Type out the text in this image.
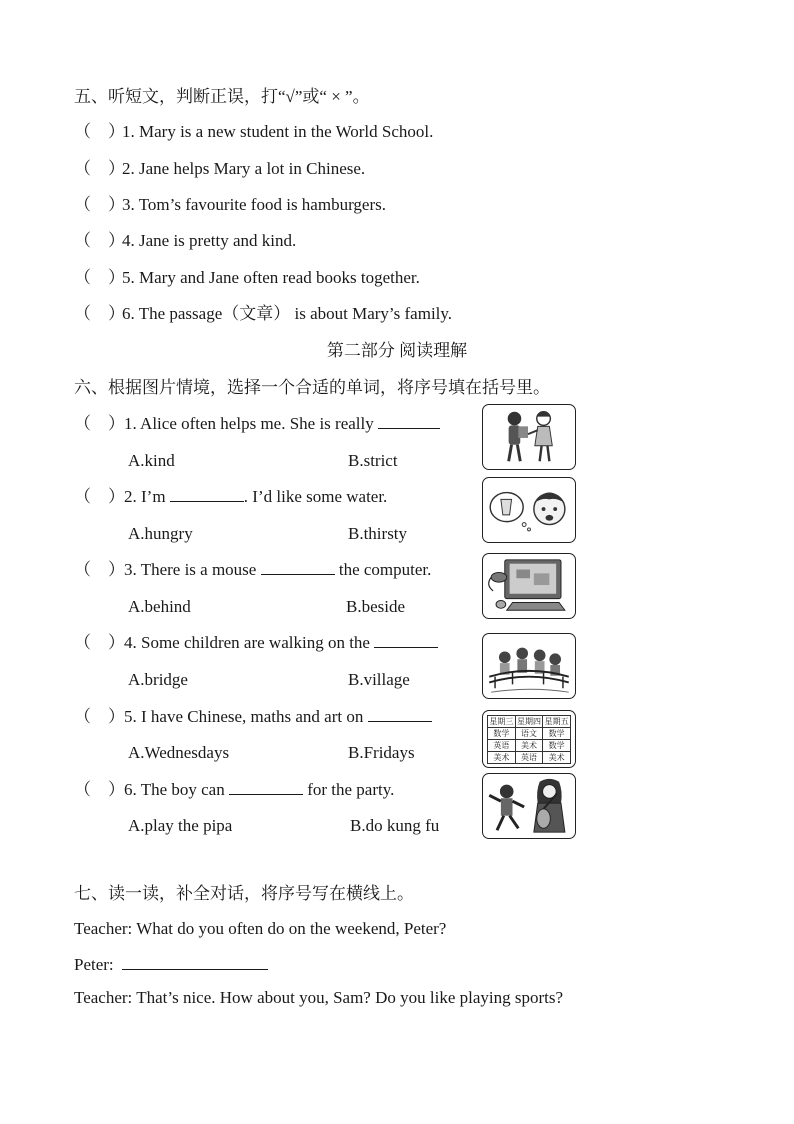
五、听短文，判断正误，打“√”或“ × ”。
（　）1. Mary is a new student in the World School.
（　）2. Jane helps Mary a lot in Chinese.
（　）3. Tom’s favourite food is hamburgers.
（　）4. Jane is pretty and kind.
（　）5. Mary and Jane often read books together.
（　）6. The passage（文章） is about Mary’s family.
第二部分 阅读理解
六、根据图片情境，选择一个合适的单词，将序号填在括号里。
（　）1. Alice often helps me. She is really
A.kind	B.strict
（　）2. I’m	. I’d like some water.
A.hungry	B.thirsty
（　）3. There is a mouse	the computer.
A.behind	B.beside
（　）4. Some children are walking on the
A.bridge	B.village
（　）5. I have Chinese, maths and art on
A.Wednesdays	B.Fridays
星期三	星期四	星期五
数学	语文	数学
英语	美术	数学
美术	英语	美术
（　）6. The boy can	for the party.
A.play the pipa	B.do kung fu
七、读一读，补全对话，将序号写在横线上。
Teacher: What do you often do on the weekend, Peter?
Peter:
Teacher: That’s nice. How about you, Sam? Do you like playing sports?
